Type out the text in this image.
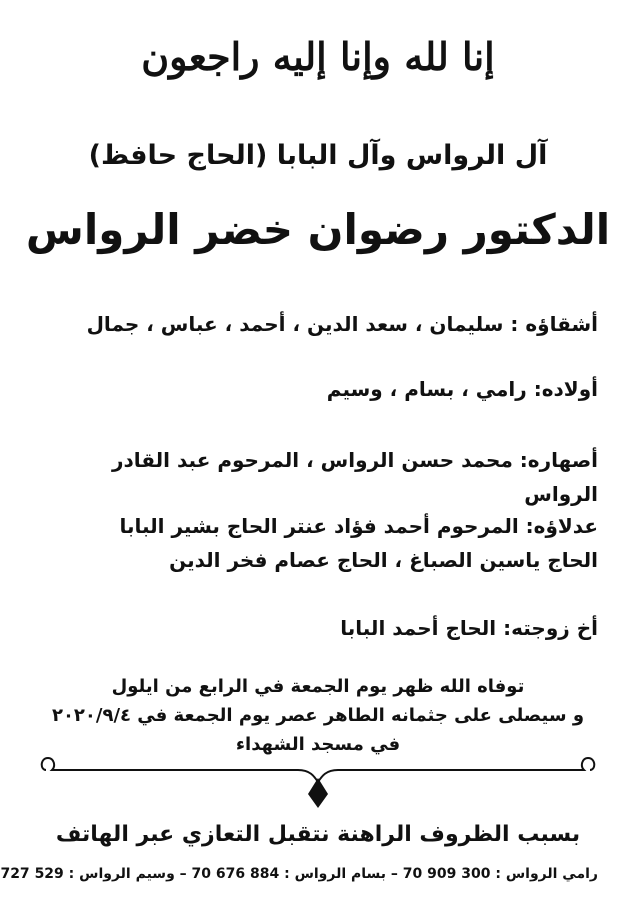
إنا لله وإنا إليه راجعون
آل الرواس وآل البابا (الحاج حافظ)
الدكتور رضوان خضر الرواس
أشقاؤه : سليمان ، سعد الدين ، أحمد ، عباس ، جمال
أولاده: رامي ، بسام ، وسيم
أصهاره: محمد حسن الرواس ، المرحوم عبد القادر الرواس
عدلاؤه: المرحوم أحمد فؤاد عنتر الحاج بشير البابا
الحاج ياسين الصباغ ، الحاج عصام فخر الدين
أخ زوجته: الحاج أحمد البابا
توفاه الله ظهر يوم الجمعة في الرابع من ايلول
و سيصلى على جثمانه الطاهر عصر يوم الجمعة في ٢٠٢٠/٩/٤
في مسجد الشهداء
بسبب الظروف الراهنة نتقبل التعازي عبر الهاتف
رامي الرواس : 300 909 70 – بسام الرواس : 884 676 70 – وسيم الرواس : 529 727
